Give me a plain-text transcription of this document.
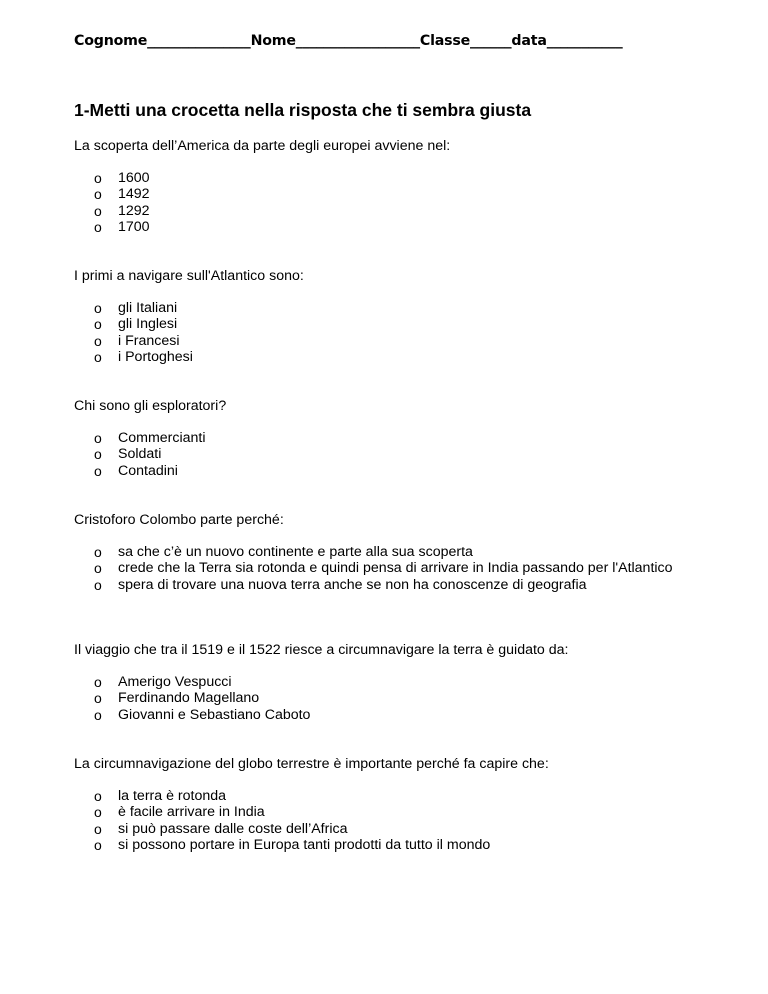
Cognome_______________Nome__________________Classe______data___________
1-Metti una crocetta nella risposta che ti sembra giusta
La scoperta dell’America da parte degli europei avviene nel:
o 1600
o 1492
o 1292
o 1700
I primi a navigare sull'Atlantico sono:
o gli Italiani
o gli Inglesi
o i Francesi
o i Portoghesi
Chi sono gli esploratori?
o Commercianti
o Soldati
o Contadini
Cristoforo Colombo parte perché:
o sa che c’è un nuovo continente e parte alla sua scoperta
o crede che la Terra sia rotonda e quindi pensa di arrivare in India passando per l'Atlantico
o spera di trovare una nuova terra anche se non ha conoscenze di geografia
Il viaggio che tra il 1519 e il 1522 riesce a circumnavigare la terra è guidato da:
o Amerigo Vespucci
o Ferdinando Magellano
o Giovanni e Sebastiano Caboto
La circumnavigazione del globo terrestre è importante perché fa capire che:
o la terra è rotonda
o è facile arrivare in India
o si può passare dalle coste dell’Africa
o si possono portare in Europa tanti prodotti da tutto il mondo
